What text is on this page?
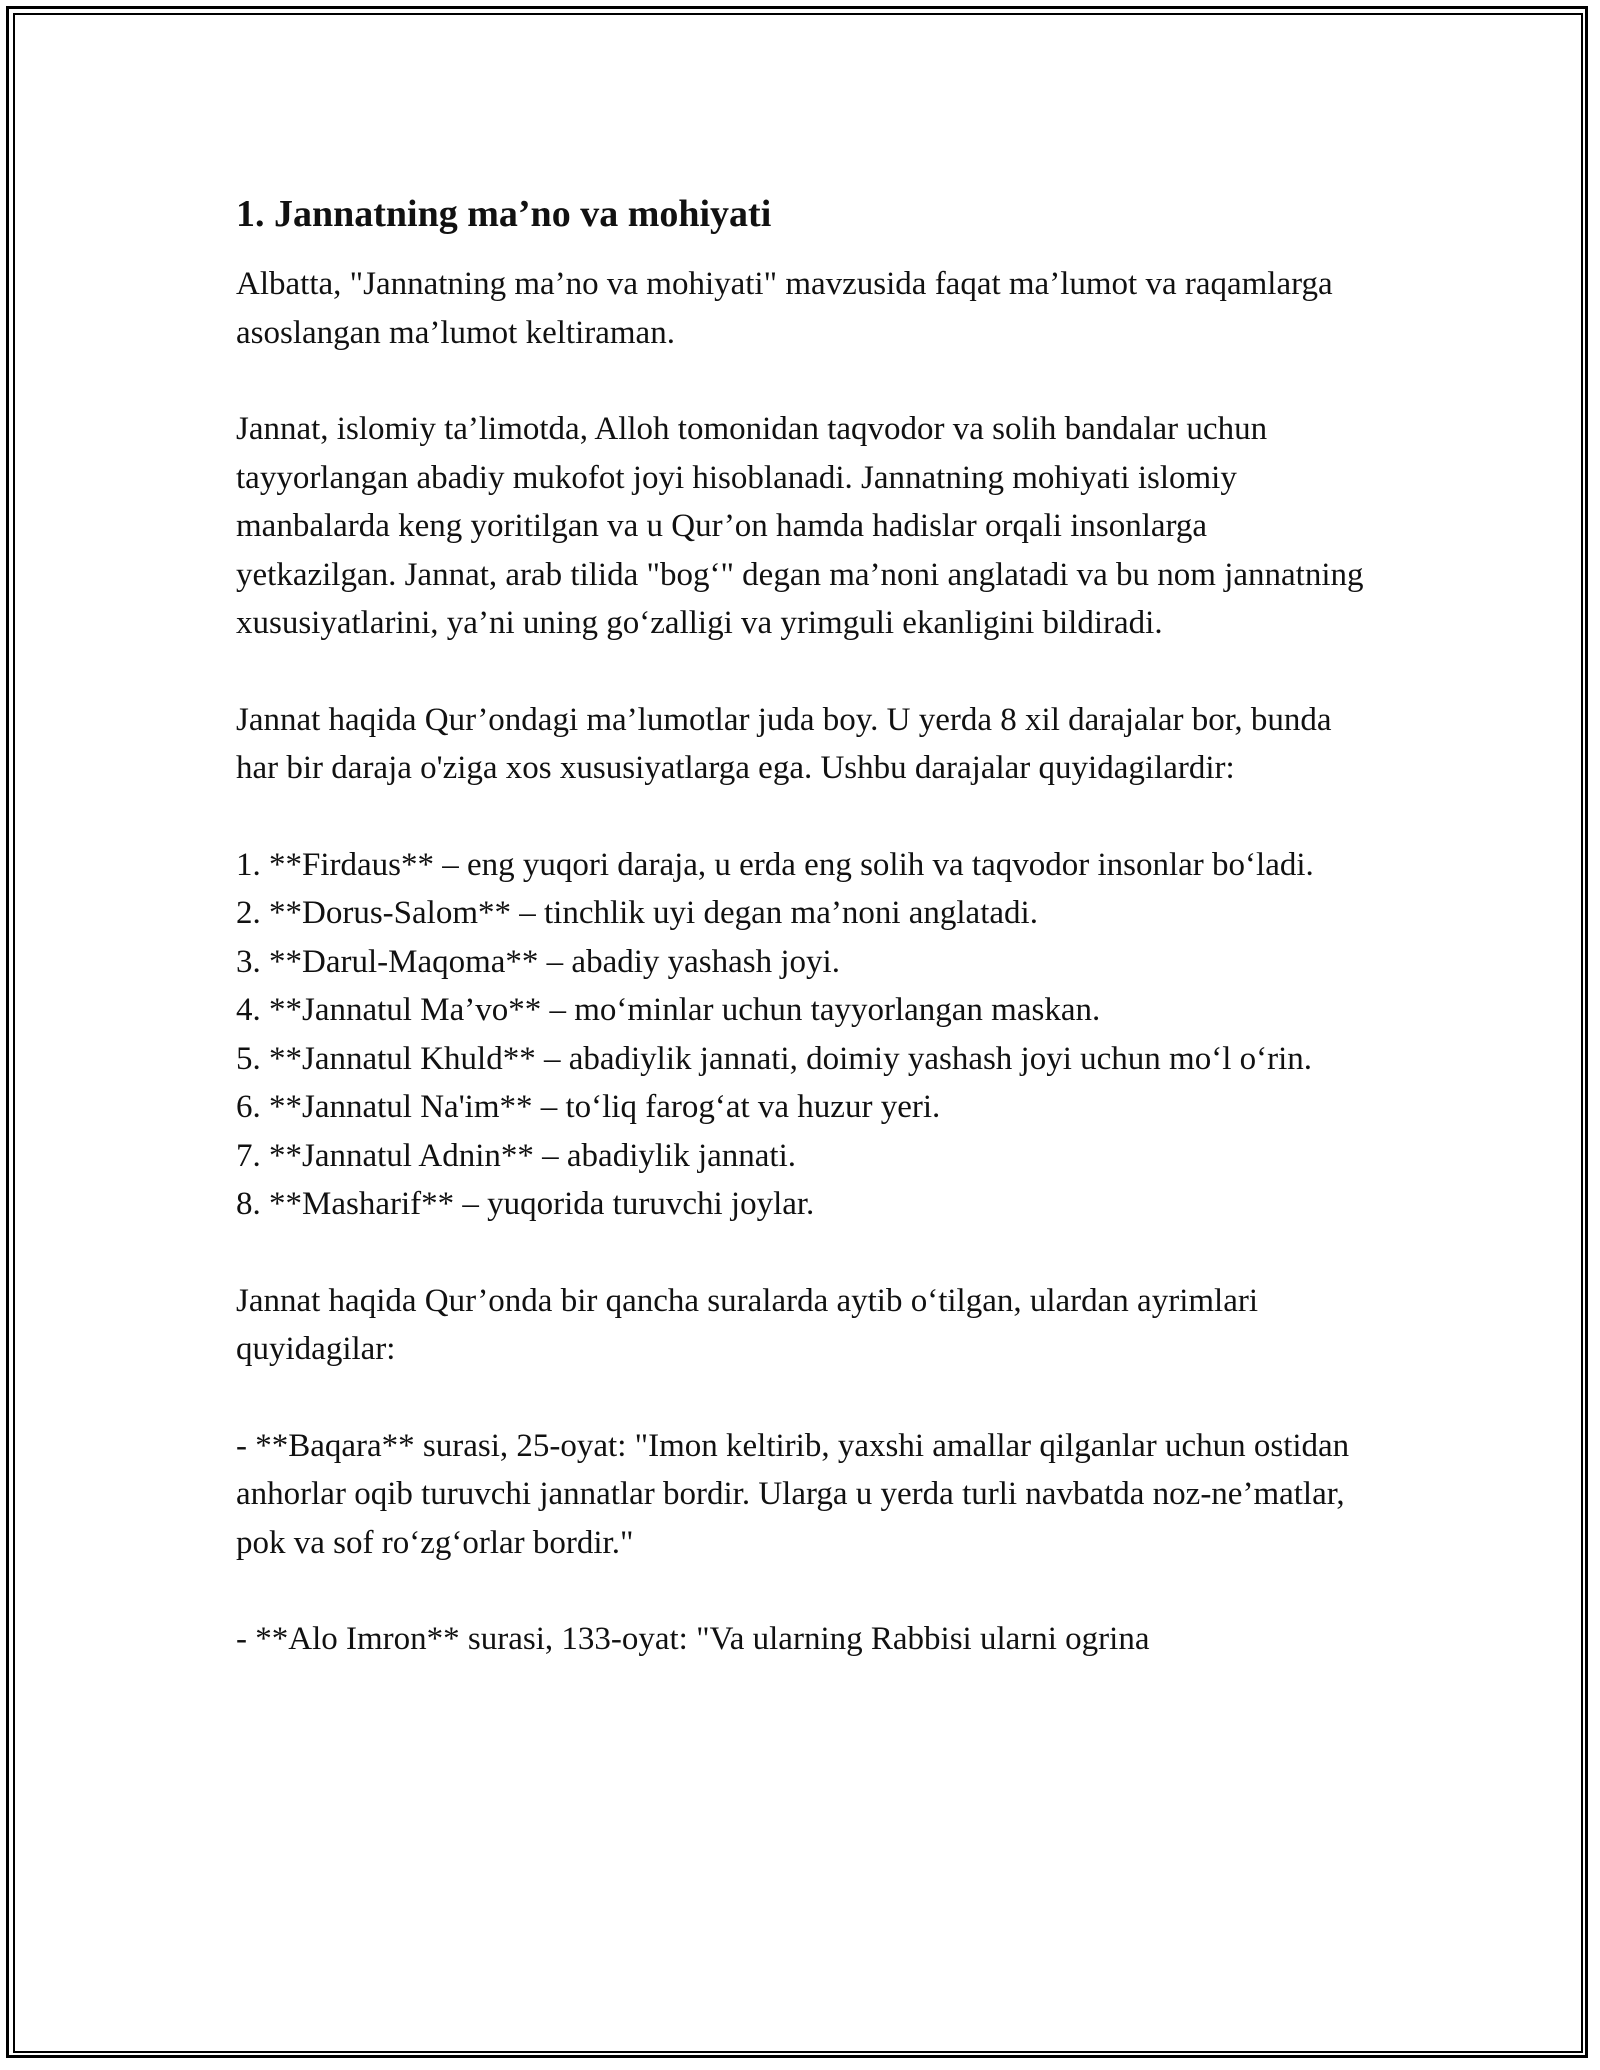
1. Jannatning ma’no va mohiyati

Albatta, "Jannatning ma’no va mohiyati" mavzusida faqat ma’lumot va raqamlarga asoslangan ma’lumot keltiraman.

Jannat, islomiy ta’limotda, Alloh tomonidan taqvodor va solih bandalar uchun tayyorlangan abadiy mukofot joyi hisoblanadi. Jannatning mohiyati islomiy manbalarda keng yoritilgan va u Qur’on hamda hadislar orqali insonlarga yetkazilgan. Jannat, arab tilida "bog‘" degan ma’noni anglatadi va bu nom jannatning xususiyatlarini, ya’ni uning go‘zalligi va yrimguli ekanligini bildiradi.

Jannat haqida Qur’ondagi ma’lumotlar juda boy. U yerda 8 xil darajalar bor, bunda har bir daraja o'ziga xos xususiyatlarga ega. Ushbu darajalar quyidagilardir:

1. **Firdaus** – eng yuqori daraja, u erda eng solih va taqvodor insonlar bo‘ladi.
2. **Dorus-Salom** – tinchlik uyi degan ma’noni anglatadi.
3. **Darul-Maqoma** – abadiy yashash joyi.
4. **Jannatul Ma’vo** – mo‘minlar uchun tayyorlangan maskan.
5. **Jannatul Khuld** – abadiylik jannati, doimiy yashash joyi uchun mo‘l o‘rin.
6. **Jannatul Na'im** – to‘liq farog‘at va huzur yeri.
7. **Jannatul Adnin** – abadiylik jannati.
8. **Masharif** – yuqorida turuvchi joylar.

Jannat haqida Qur’onda bir qancha suralarda aytib o‘tilgan, ulardan ayrimlari quyidagilar:

- **Baqara** surasi, 25-oyat: "Imon keltirib, yaxshi amallar qilganlar uchun ostidan anhorlar oqib turuvchi jannatlar bordir. Ularga u yerda turli navbatda noz-ne’matlar, pok va sof ro‘zg‘orlar bordir."

- **Alo Imron** surasi, 133-oyat: "Va ularning Rabbisi ularni ogrina
